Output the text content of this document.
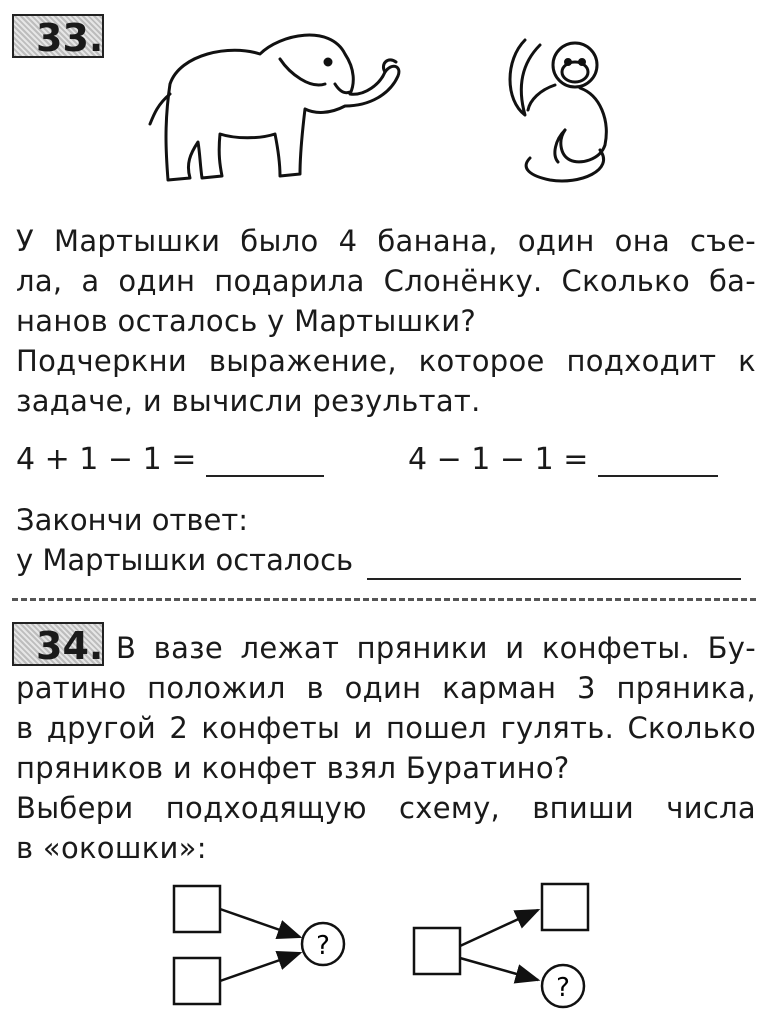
33.
У Мартышки было 4 банана, один она съе-
ла, а один подарила Слонёнку. Сколько ба-
нанов осталось у Мартышки?
Подчеркни выражение, которое подходит к
задаче, и вычисли результат.
4 + 1 − 1 =	4 − 1 − 1 =
Закончи ответ:
у Мартышки осталось
34. В вазе лежат пряники и конфеты. Бу-
ратино положил в один карман 3 пряника,
в другой 2 конфеты и пошел гулять. Сколько
пряников и конфет взял Буратино?
Выбери подходящую схему, впиши числа
в «окошки»:
?
?
